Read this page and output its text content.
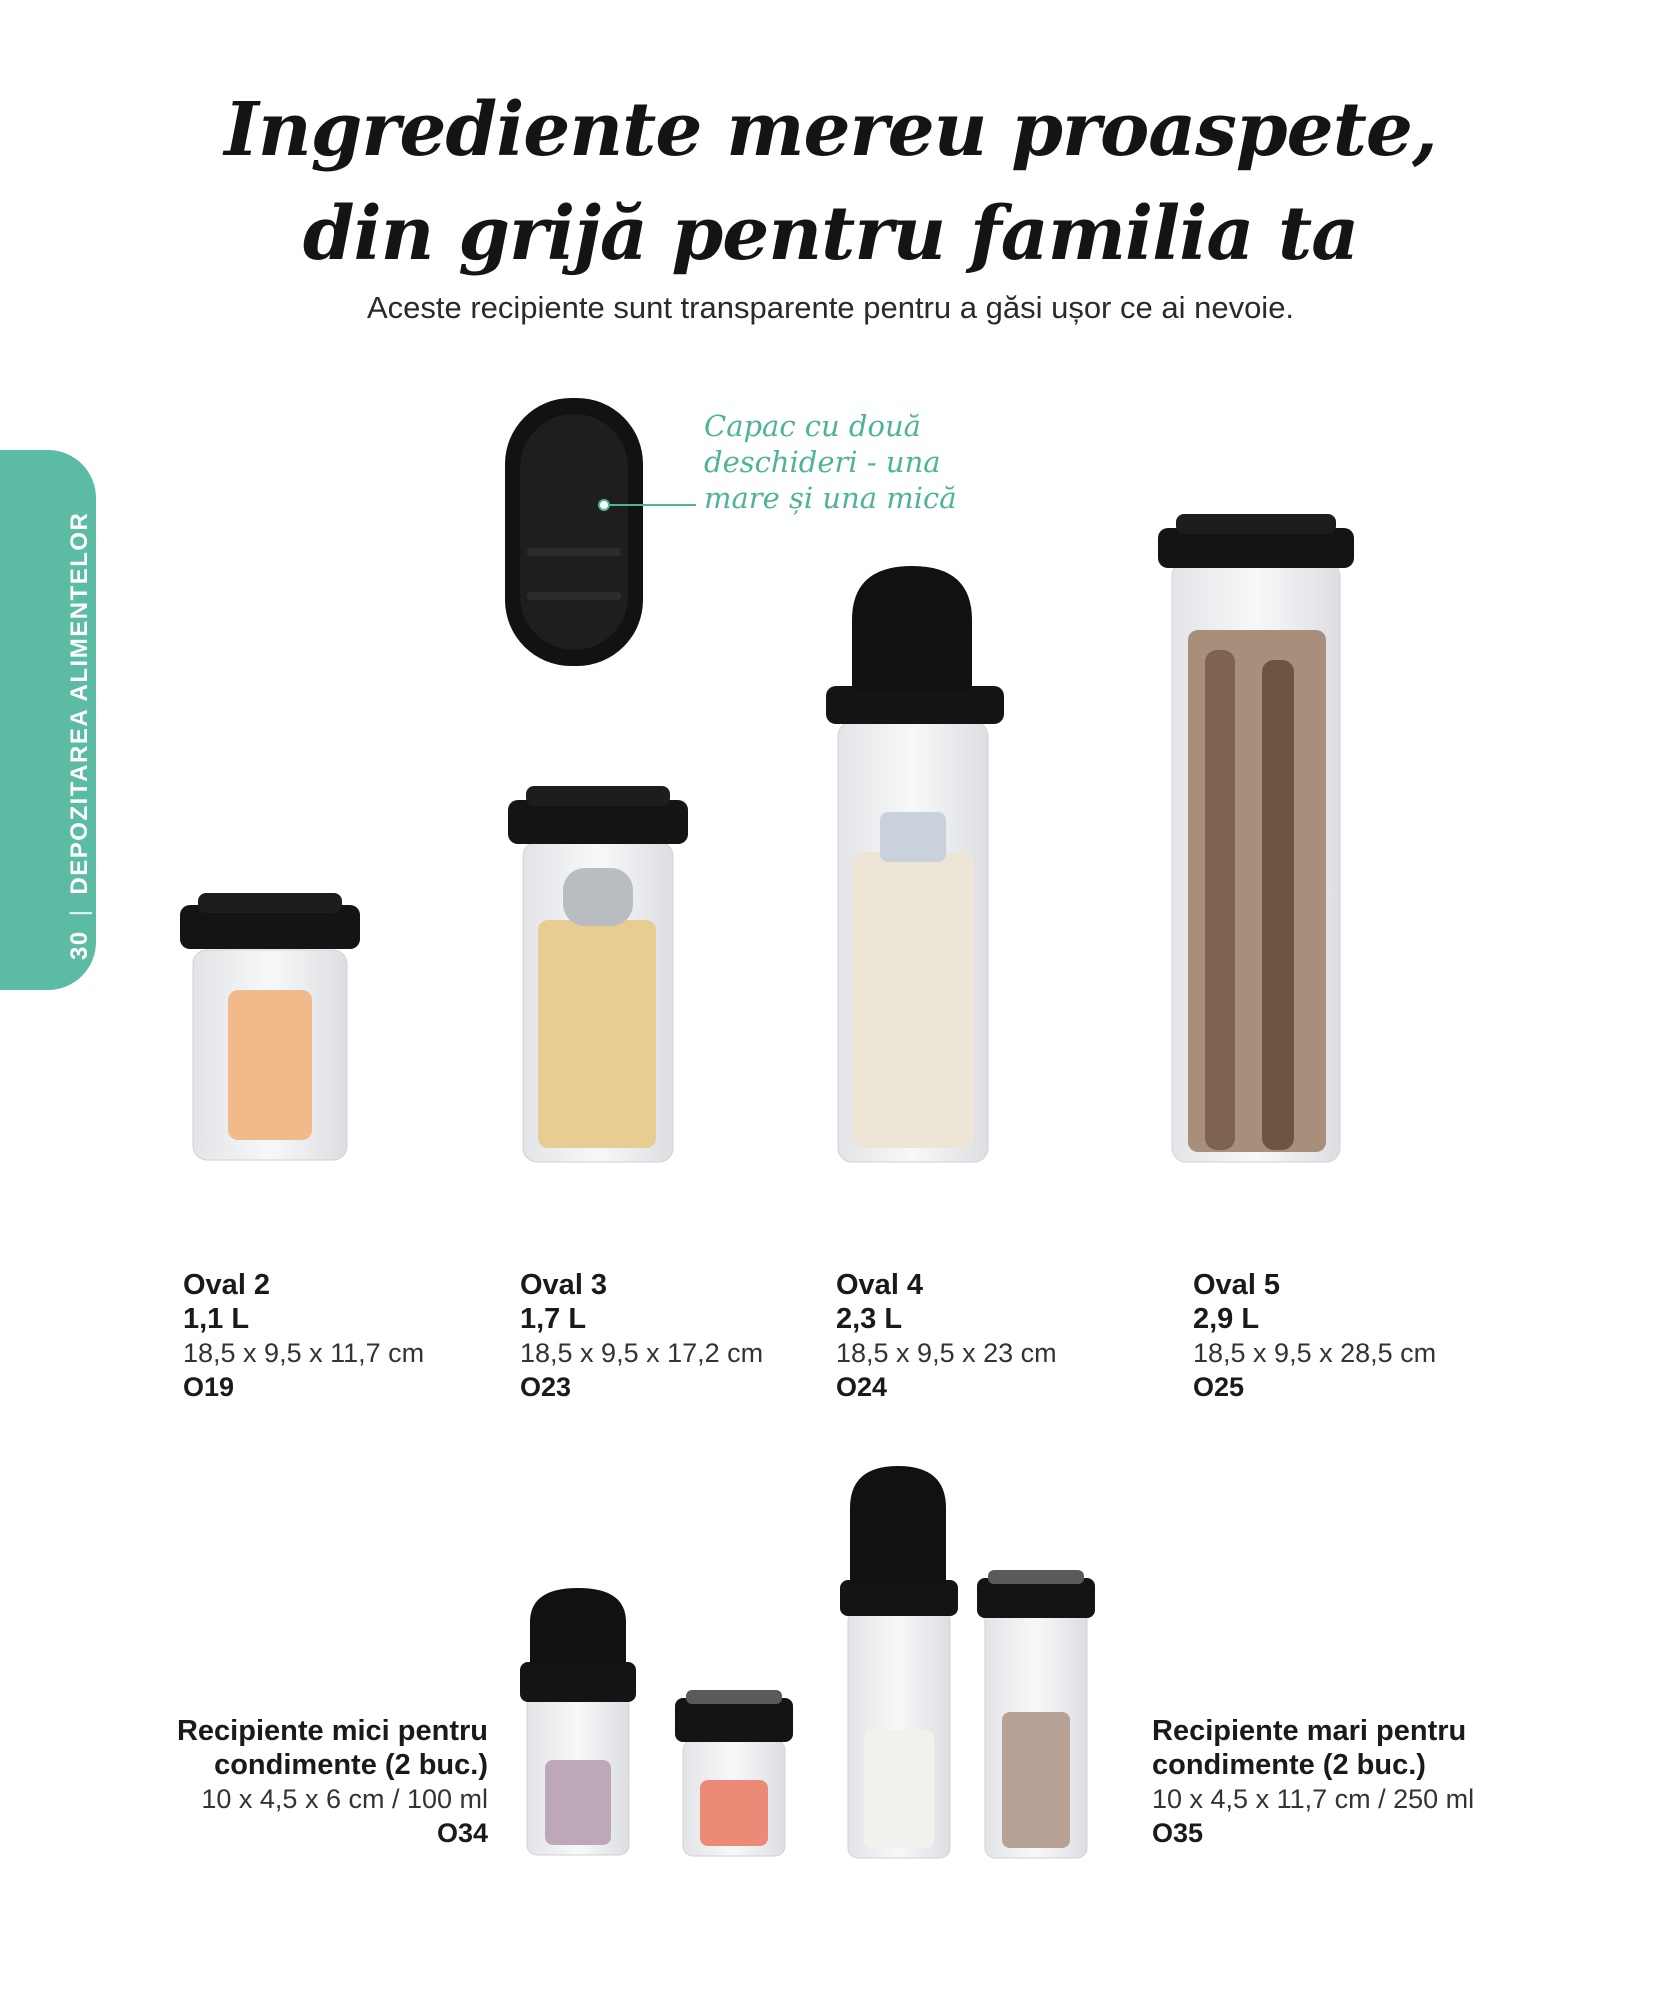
Ingrediente mereu proaspete,
din grijă pentru familia ta
Aceste recipiente sunt transparente pentru a găsi ușor ce ai nevoie.
30|DEPOZITAREA ALIMENTELOR
Capac cu două
deschideri - una
mare și una mică
Oval 2
1,1 L
18,5 x 9,5 x 11,7 cm
O19
Oval 3
1,7 L
18,5 x 9,5 x 17,2 cm
O23
Oval 4
2,3 L
18,5 x 9,5 x 23 cm
O24
Oval 5
2,9 L
18,5 x 9,5 x 28,5 cm
O25
Recipiente mici pentru
condimente (2 buc.)
10 x 4,5 x 6 cm / 100 ml
O34
Recipiente mari pentru
condimente (2 buc.)
10 x 4,5 x 11,7 cm / 250 ml
O35
